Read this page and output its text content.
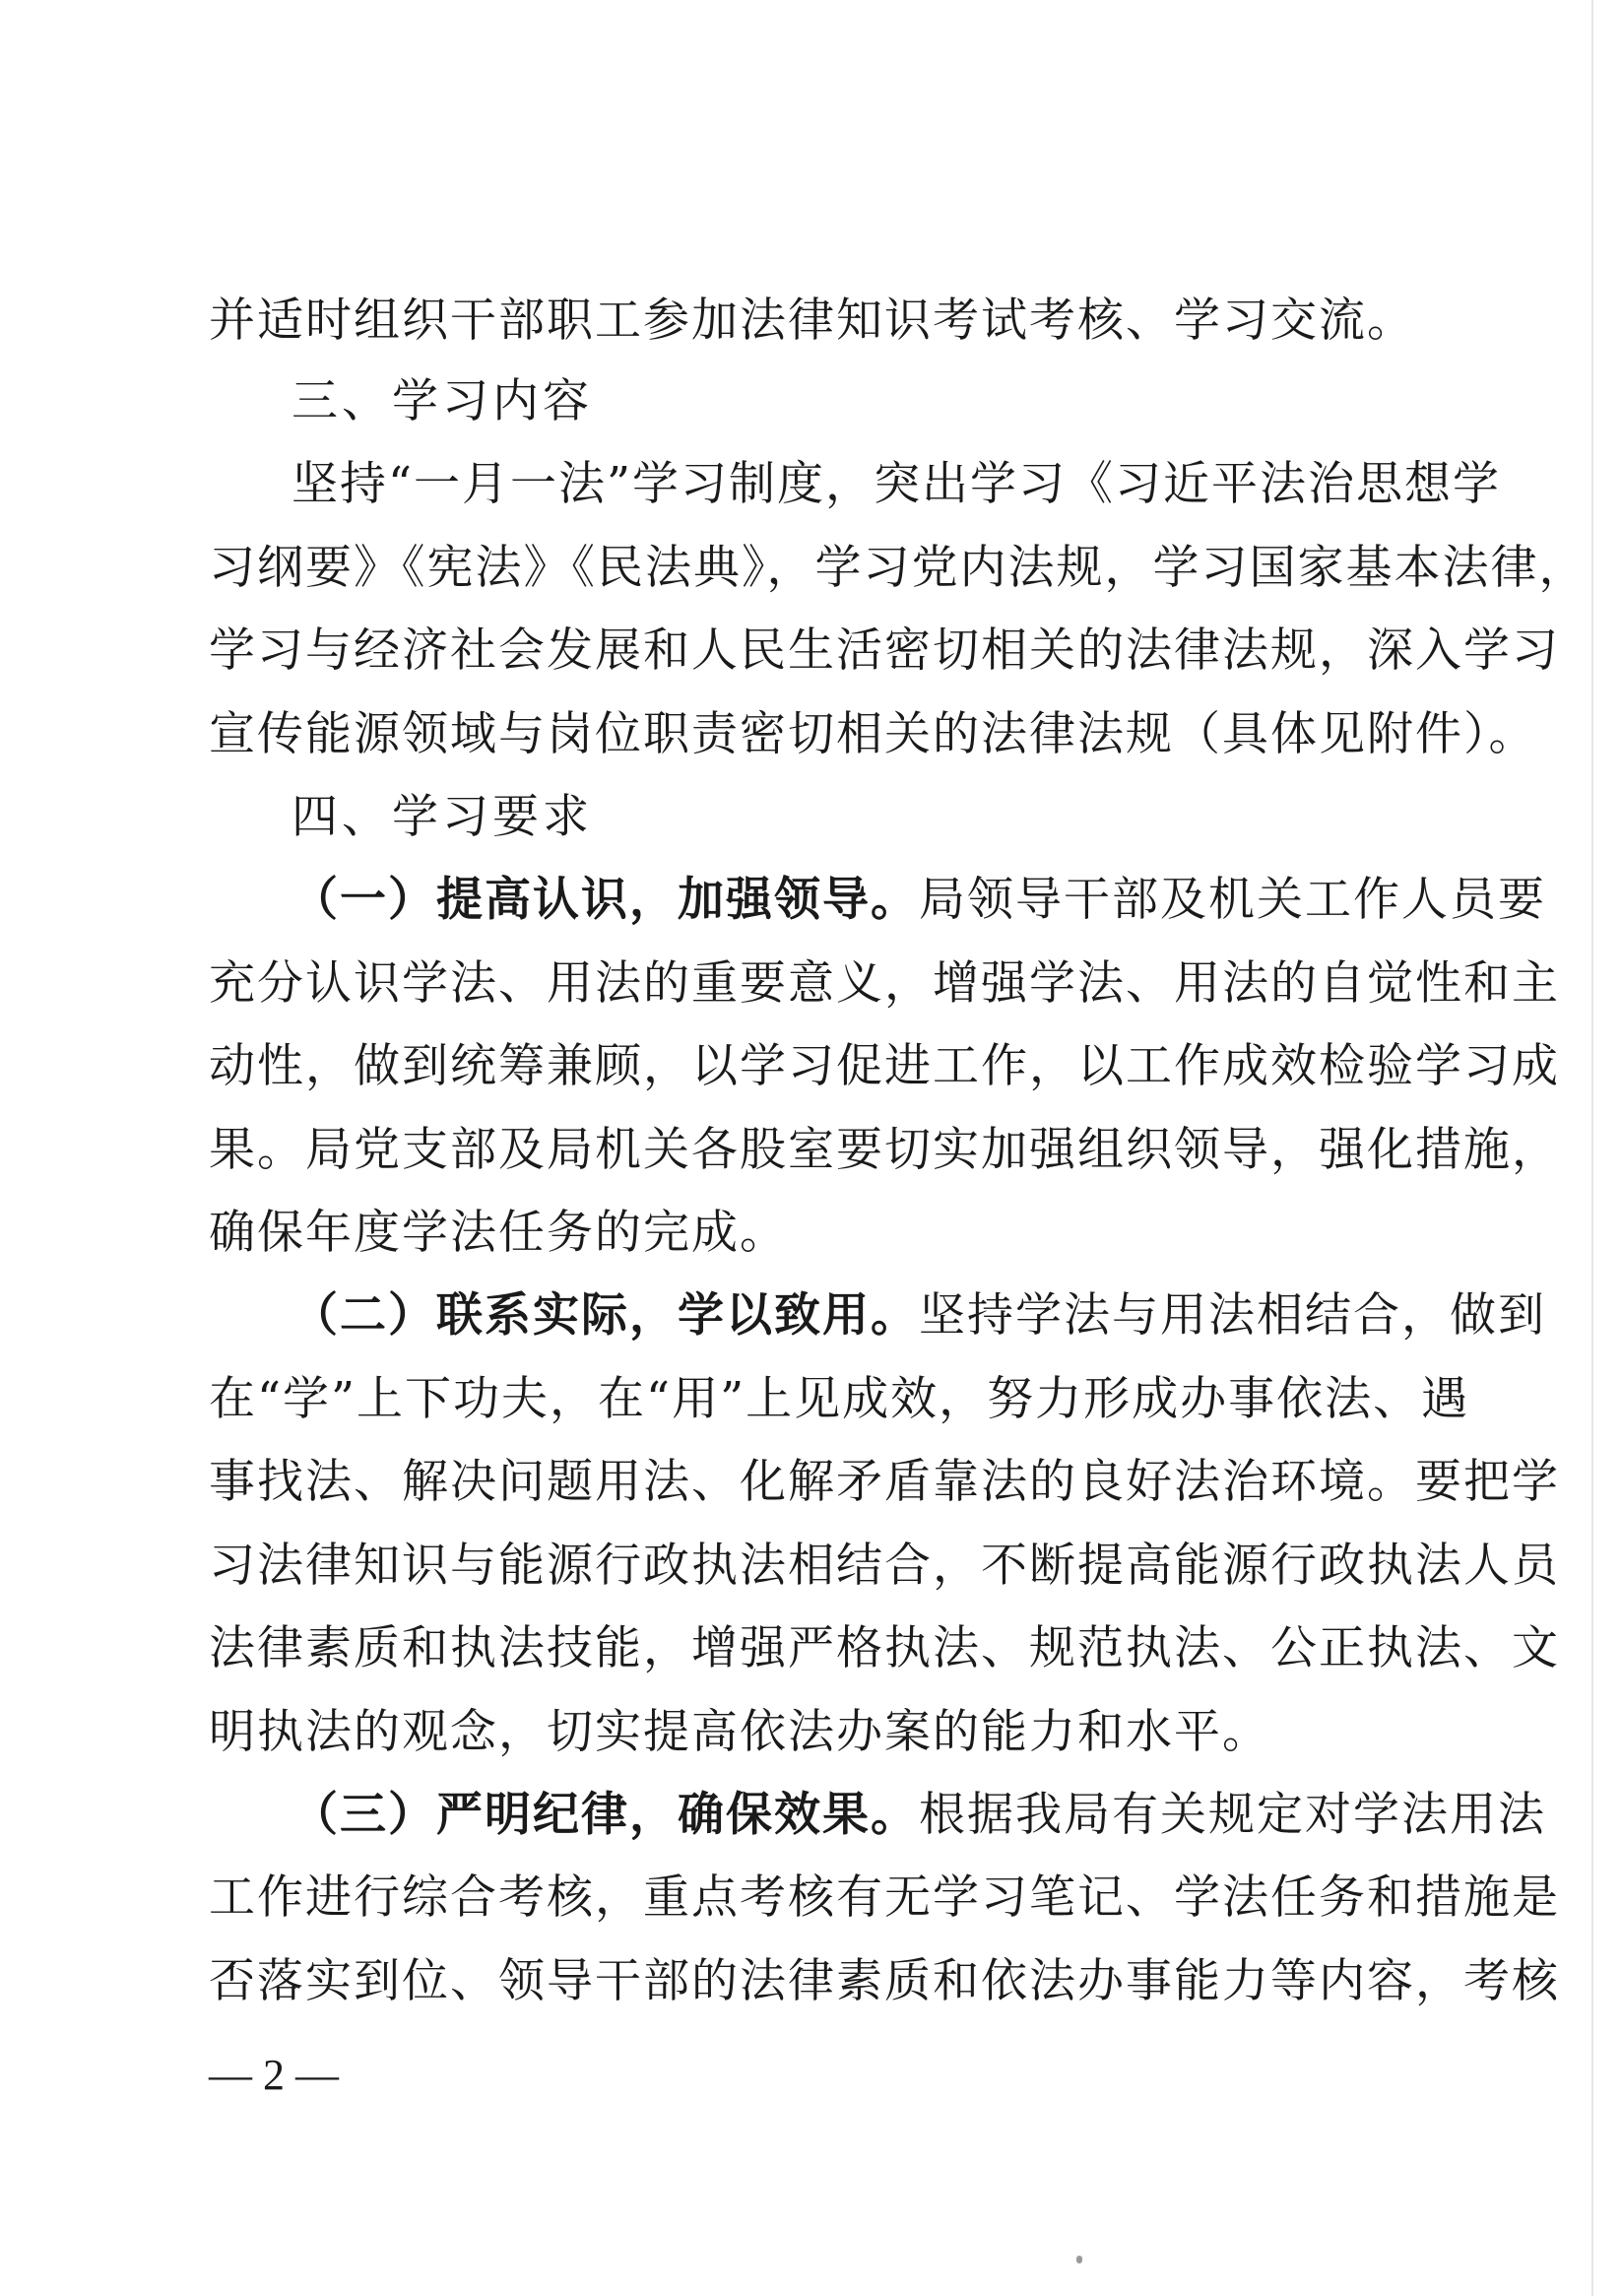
并适时组织干部职工参加法律知识考试考核、学习交流。
三、学习内容
坚持“一月一法”学习制度，突出学习《习近平法治思想学
习纲要》《宪法》《民法典》，学习党内法规，学习国家基本法律，
学习与经济社会发展和人民生活密切相关的法律法规，深入学习
宣传能源领域与岗位职责密切相关的法律法规（具体见附件）。
四、学习要求
（一）提高认识，加强领导。 局领导干部及机关工作人员要
充分认识学法、用法的重要意义，增强学法、用法的自觉性和主
动性，做到统筹兼顾，以学习促进工作，以工作成效检验学习成
果。局党支部及局机关各股室要切实加强组织领导，强化措施，
确保年度学法任务的完成。
（二）联系实际，学以致用。 坚持学法与用法相结合，做到
在“学”上下功夫，在“用”上见成效，努力形成办事依法、遇
事找法、解决问题用法、化解矛盾靠法的良好法治环境。要把学
习法律知识与能源行政执法相结合，不断提高能源行政执法人员
法律素质和执法技能，增强严格执法、规范执法、公正执法、文
明执法的观念，切实提高依法办案的能力和水平。
（三）严明纪律，确保效果。 根据我局有关规定对学法用法
工作进行综合考核，重点考核有无学习笔记、学法任务和措施是
否落实到位、领导干部的法律素质和依法办事能力等内容，考核
— 2 —
